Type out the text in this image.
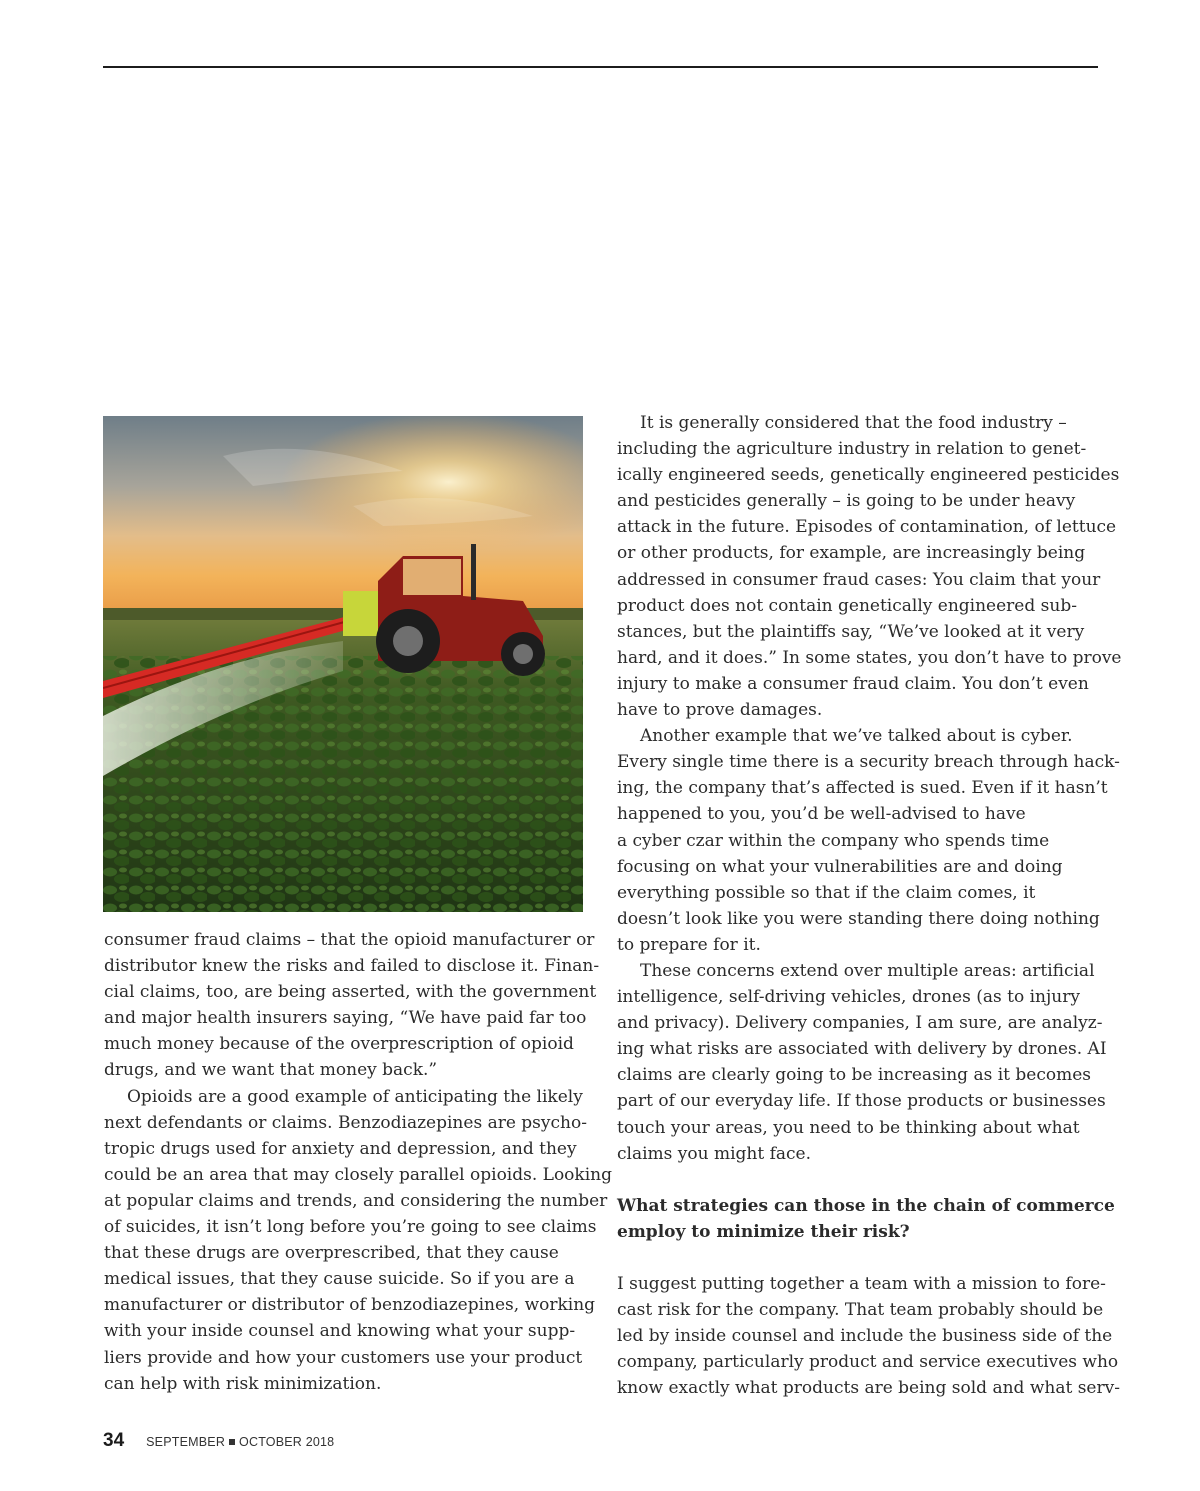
consumer fraud claims – that the opioid manufacturer or
distributor knew the risks and failed to disclose it. Finan-
cial claims, too, are being asserted, with the government
and major health insurers saying, “We have paid far too
much money because of the overprescription of opioid
drugs, and we want that money back.”

Opioids are a good example of anticipating the likely
next defendants or claims. Benzodiazepines are psycho-
tropic drugs used for anxiety and depression, and they
could be an area that may closely parallel opioids. Looking
at popular claims and trends, and considering the number
of suicides, it isn’t long before you’re going to see claims
that these drugs are overprescribed, that they cause
medical issues, that they cause suicide. So if you are a
manufacturer or distributor of benzodiazepines, working
with your inside counsel and knowing what your supp-
liers provide and how your customers use your product
can help with risk minimization.

It is generally considered that the food industry –
including the agriculture industry in relation to genet-
ically engineered seeds, genetically engineered pesticides
and pesticides generally – is going to be under heavy
attack in the future. Episodes of contamination, of lettuce
or other products, for example, are increasingly being
addressed in consumer fraud cases: You claim that your
product does not contain genetically engineered sub-
stances, but the plaintiffs say, “We’ve looked at it very
hard, and it does.” In some states, you don’t have to prove
injury to make a consumer fraud claim. You don’t even
have to prove damages.

Another example that we’ve talked about is cyber.
Every single time there is a security breach through hack-
ing, the company that’s affected is sued. Even if it hasn’t
happened to you, you’d be well-advised to have
a cyber czar within the company who spends time
focusing on what your vulnerabilities are and doing
everything possible so that if the claim comes, it
doesn’t look like you were standing there doing nothing
to prepare for it.

These concerns extend over multiple areas: artificial
intelligence, self-driving vehicles, drones (as to injury
and privacy). Delivery companies, I am sure, are analyz-
ing what risks are associated with delivery by drones. AI
claims are clearly going to be increasing as it becomes
part of our everyday life. If those products or businesses
touch your areas, you need to be thinking about what
claims you might face.

What strategies can those in the chain of commerce
employ to minimize their risk?

I suggest putting together a team with a mission to fore-
cast risk for the company. That team probably should be
led by inside counsel and include the business side of the
company, particularly product and service executives who
know exactly what products are being sold and what serv-

34 SEPTEMBER OCTOBER 2018
